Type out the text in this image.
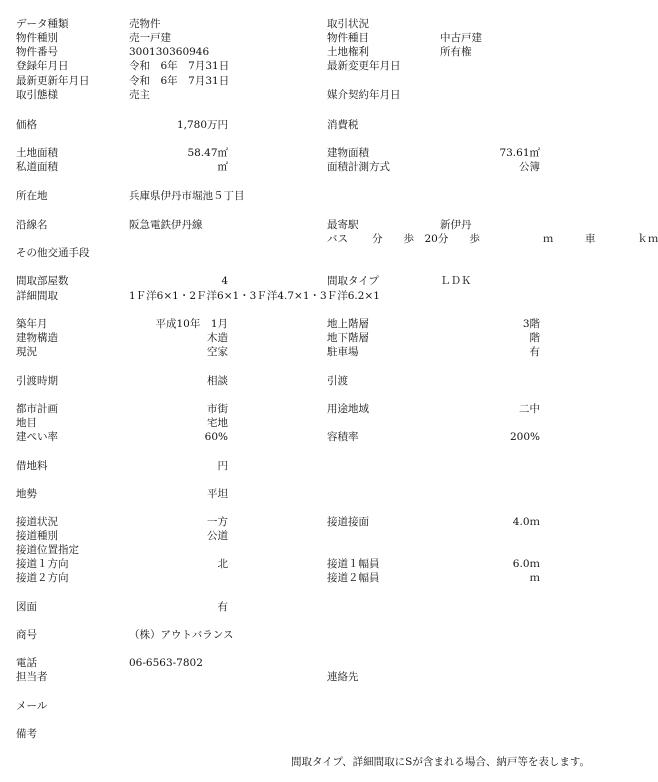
データ種類
物件種別
物件番号
登録年月日
最新更新年月日
取引態様
価格
土地面積
私道面積
所在地
沿線名
その他交通手段
間取部屋数
詳細間取
築年月
建物構造
現況
引渡時期
都市計画
地目
建ぺい率
借地料
地勢
接道状況
接道種別
接道位置指定
接道１方向
接道２方向
図面
商号
電話
担当者
メール
備考
売物件
売一戸建
300130360946
令和　6年　7月31日
令和　6年　7月31日
売主
1,780万円
58.47㎡
㎡
兵庫県伊丹市堀池５丁目
阪急電鉄伊丹線
4
1Ｆ洋6×1・2Ｆ洋6×1・3Ｆ洋4.7×1・3Ｆ洋6.2×1
平成10年　1月
木造
空家
相談
市街
宅地
60%
円
平坦
一方
公道
北
有
（株）アウトバランス
06-6563-7802
取引状況
物件種目
土地権利
最新変更年月日
媒介契約年月日
消費税
建物面積
面積計測方式
最寄駅
バス
間取タイプ
地上階層
地下階層
駐車場
引渡
用途地域
容積率
接道接面
接道１幅員
接道２幅員
連絡先
中古戸建
所有権
73.61㎡
公簿
新伊丹
分　　歩　20分　　歩　　　　　　ｍ　　　車　　　　ｋｍ
ＬＤＫ
3階
階
有
二中
200%
4.0ｍ
6.0ｍ
ｍ
間取タイプ、詳細間取にSが含まれる場合、納戸等を表します。
